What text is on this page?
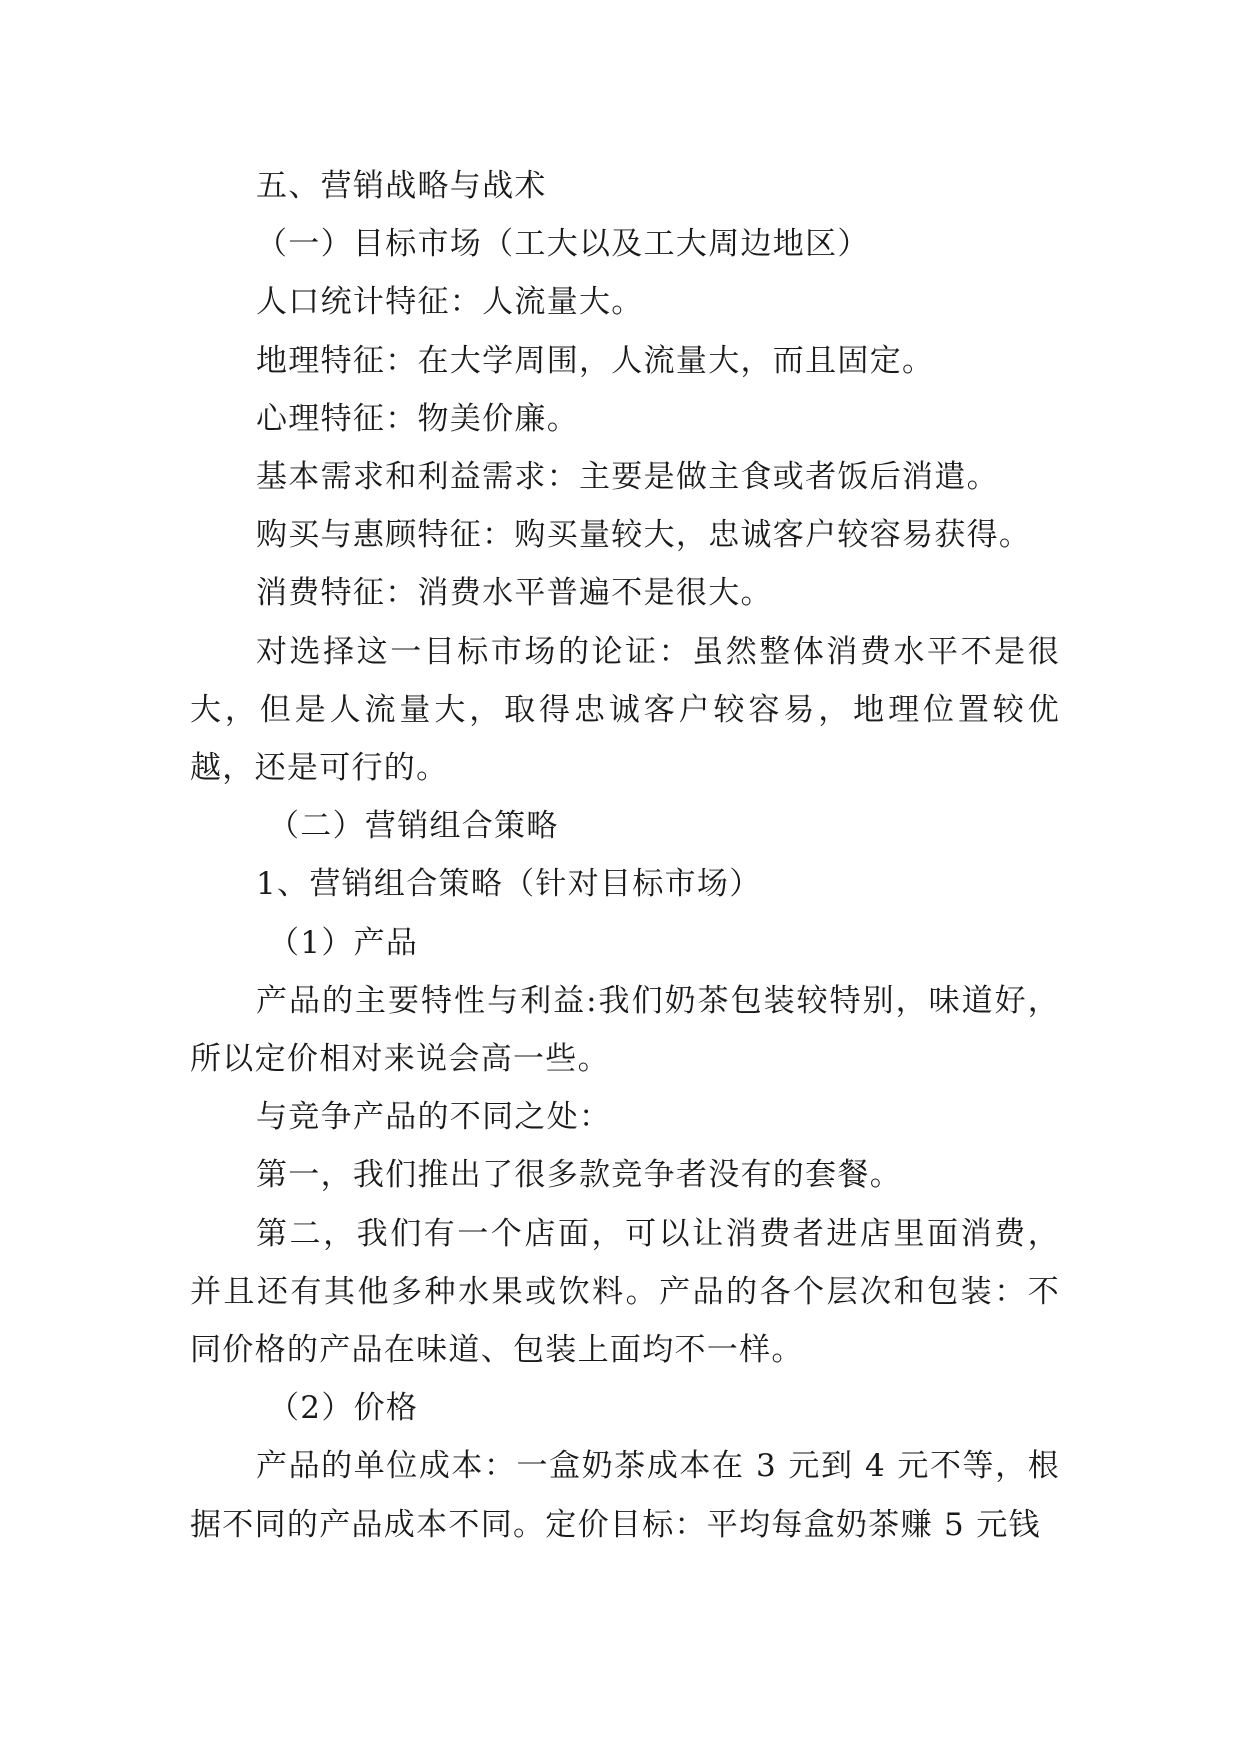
五、营销战略与战术

（一）目标市场（工大以及工大周边地区）

人口统计特征：人流量大。

地理特征：在大学周围，人流量大，而且固定。

心理特征：物美价廉。

基本需求和利益需求：主要是做主食或者饭后消遣。

购买与惠顾特征：购买量较大，忠诚客户较容易获得。

消费特征：消费水平普遍不是很大。

对选择这一目标市场的论证：虽然整体消费水平不是很大，但是人流量大，取得忠诚客户较容易，地理位置较优越，还是可行的。

（二）营销组合策略

1、营销组合策略（针对目标市场）

（1）产品

产品的主要特性与利益:我们奶茶包装较特别，味道好，所以定价相对来说会高一些。

与竞争产品的不同之处：

第一，我们推出了很多款竞争者没有的套餐。

第二，我们有一个店面，可以让消费者进店里面消费，并且还有其他多种水果或饮料。产品的各个层次和包装：不同价格的产品在味道、包装上面均不一样。

（2）价格

产品的单位成本：一盒奶茶成本在 3 元到 4 元不等，根据不同的产品成本不同。定价目标：平均每盒奶茶赚 5 元钱
